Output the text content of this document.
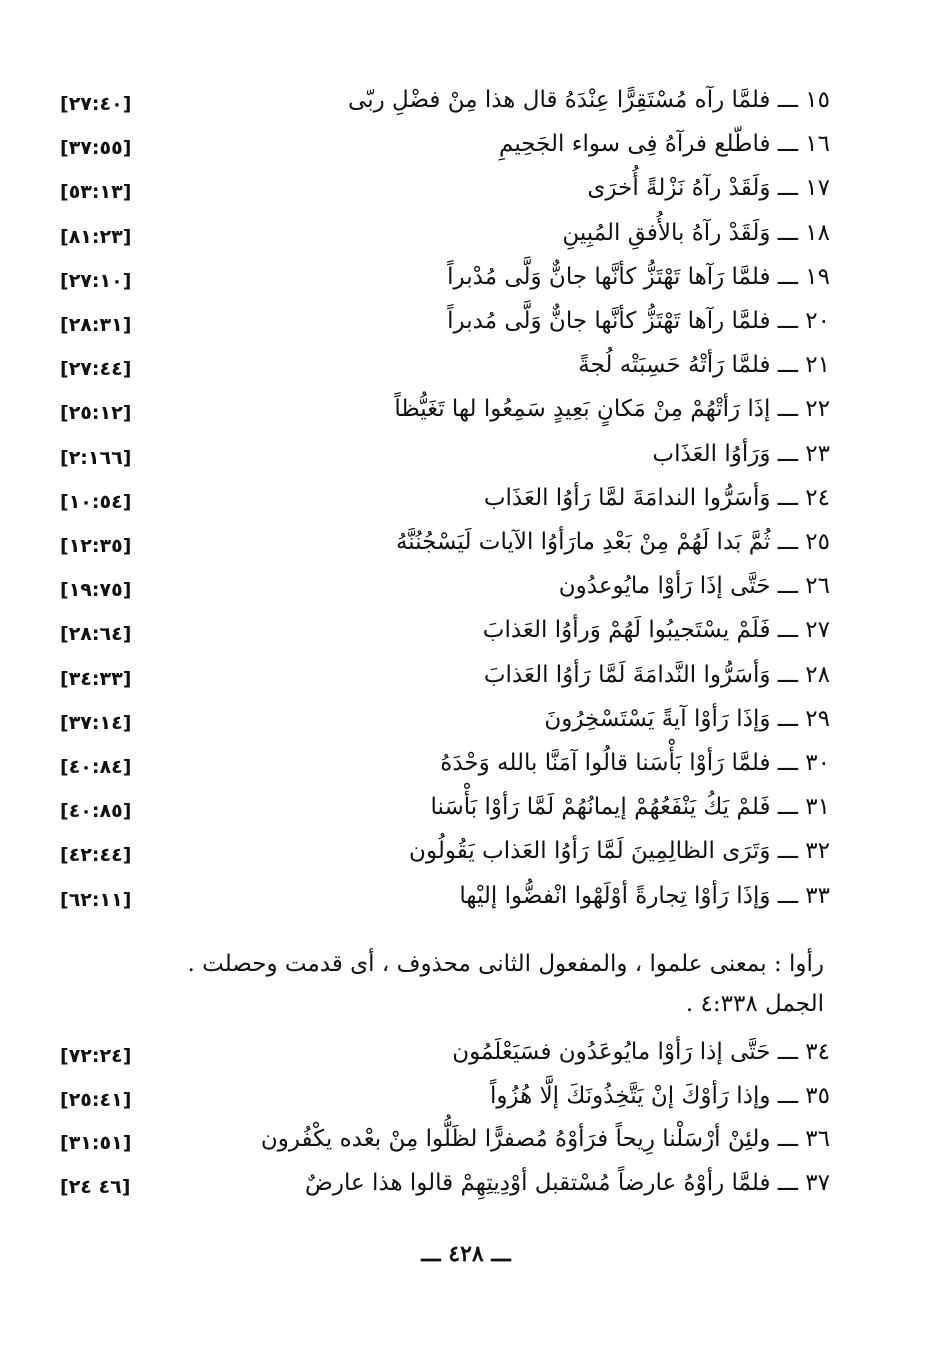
١٥ ـــ فلمَّا رآه مُسْتَقِرًّا عِنْدَهُ قال هذا مِنْ فضْلِ ربّى
[٢٧:٤٠]
١٦ ـــ فاطّلع فرآهُ فِى سواء الجَحِيمِ
[٣٧:٥٥]
١٧ ـــ وَلَقَدْ رآهُ نَزْلةً أُخرَى
[٥٣:١٣]
١٨ ـــ وَلَقَدْ رآهُ بالأُفقِ المُبِينِ
[٨١:٢٣]
١٩ ـــ فلمَّا رَآها تَهْتَزُّ كأنَّها جانٌّ وَلَّى مُدْبراً
[٢٧:١٠]
٢٠ ـــ فلمَّا رآها تَهْتَزُّ كأنَّها جانٌّ وَلَّى مُدبراً
[٢٨:٣١]
٢١ ـــ فلمَّا رَأتْهُ حَسِبَتْه لُجةً
[٢٧:٤٤]
٢٢ ـــ إذَا رَأتْهُمْ مِنْ مَكانٍ بَعِيدٍ سَمِعُوا لها تَغَيُّظاً
[٢٥:١٢]
٢٣ ـــ وَرَأوُا العَذَاب
[٢:١٦٦]
٢٤ ـــ وَأسَرُّوا الندامَةَ لمَّا رَأوُا العَذَاب
[١٠:٥٤]
٢٥ ـــ ثُمَّ بَدا لَهُمْ مِنْ بَعْدِ مارَأوُا الآيات لَيَسْجُنُنَّهُ
[١٢:٣٥]
٢٦ ـــ حَتَّى إذَا رَأوْا مايُوعدُون
[١٩:٧٥]
٢٧ ـــ فَلَمْ يسْتَجيبُوا لَهُمْ وَرأوُا العَذابَ
[٢٨:٦٤]
٢٨ ـــ وَأسَرُّوا النَّدامَةَ لَمَّا رَأوُا العَذابَ
[٣٤:٣٣]
٢٩ ـــ وَإذَا رَأوْا آيةً يَسْتَسْخِرُونَ
[٣٧:١٤]
٣٠ ـــ فلمَّا رَأوْا بَأْسَنا قالُوا آمَنَّا بالله وَحْدَهُ
[٤٠:٨٤]
٣١ ـــ فَلمْ يَكُ يَنْفَعُهُمْ إيمانُهُمْ لَمَّا رَأوْا بَأْسَنا
[٤٠:٨٥]
٣٢ ـــ وَتَرَى الظالِمِينَ لَمَّا رَأوُا العَذاب يَقُولُون
[٤٢:٤٤]
٣٣ ـــ وَإذَا رَأوْا تِجارةً أوْلَهْوا انْفضُّوا إليْها
[٦٢:١١]
رأوا : بمعنى علموا ، والمفعول الثانى محذوف ، أى قدمت وحصلت .
الجمل ٤:٣٣٨ .
٣٤ ـــ حَتَّى إذا رَأوْا مايُوعَدُون فسَيَعْلَمُون
[٧٢:٢٤]
٣٥ ـــ وإذا رَأوْكَ إنْ يَتَّخِذُونَكَ إلَّا هُزُواً
[٢٥:٤١]
٣٦ ـــ ولئِنْ أرْسَلْنا رِيحاً فرَأوْهُ مُصفرًّا لظَلُّوا مِنْ بعْده يكْفُرون
[٣١:٥١]
٣٧ ـــ فلمَّا رأوْهُ عارضاً مُسْتقبل أوْدِيتِهِمْ قالوا هذا عارضٌ
[٤٦ ٢٤]
ـــ ٤٢٨ ـــ
